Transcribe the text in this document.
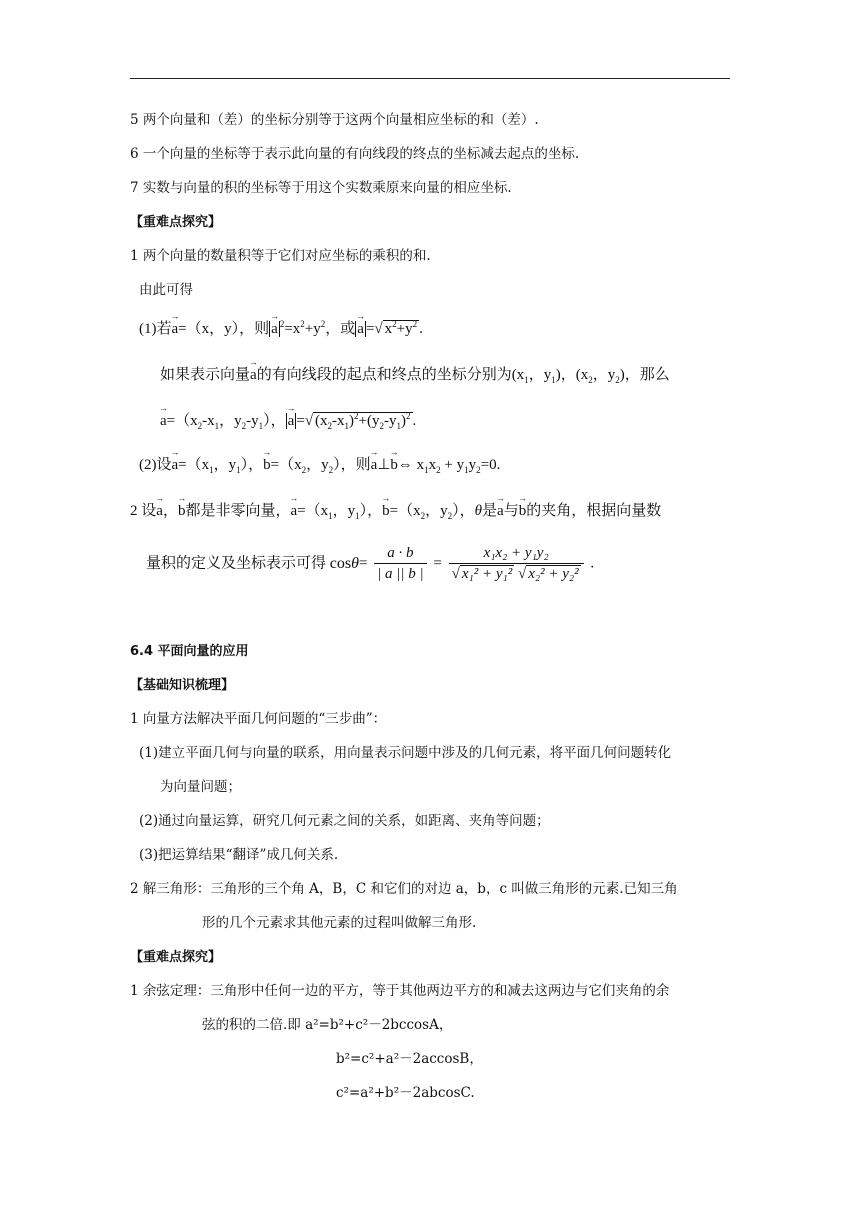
5 两个向量和（差）的坐标分别等于这两个向量相应坐标的和（差）.
6 一个向量的坐标等于表示此向量的有向线段的终点的坐标减去起点的坐标.
7 实数与向量的积的坐标等于用这个实数乘原来向量的相应坐标.
【重难点探究】
1 两个向量的数量积等于它们对应坐标的乘积的和.
由此可得
(1)若→ a=（x，y），则 → a $^2=x^2+y^2$，或 → a =√ $x^2+y^2$ .
如果表示向量→ a的有向线段的起点和终点的坐标分别为($x_1$，$y_1$)，($x_2$，$y_2$)，那么
→ $a=(x_2-x_1$，$y_2-y_1$）， → a =√ $(x_2-x_1)^2+(y_2-y_1)^2$ .
(2)设→ $a=(x_1$，$y_1$），→ $b=(x_2$，$y_2$），则→ a⊥→ b⇔ $x_1x_2 + y_1y_2=0$.
2 设→ a，→ b都是非零向量，→ $a=(x_1$，$y_1$），→ $b=(x_2$，$y_2$），θ是→ a与→ b的夹角，根据向量数
量积的定义及坐标表示可得 $\cos\theta= \frac{a \cdot b}{| a || b |} = \frac{\text{x₁x₂ + y₁y₂}}{\text{√ x₁² + y₁² √ x₂² + y₂²}}$ .
6.4 平面向量的应用
【基础知识梳理】
1 向量方法解决平面几何问题的“三步曲”：
(1)建立平面几何与向量的联系，用向量表示问题中涉及的几何元素，将平面几何问题转化
为向量问题；
(2)通过向量运算，研究几何元素之间的关系，如距离、夹角等问题；
(3)把运算结果“翻译”成几何关系.
2 解三角形：三角形的三个角 A，B，C 和它们的对边 a，b，c 叫做三角形的元素.已知三角
形的几个元素求其他元素的过程叫做解三角形.
【重难点探究】
1 余弦定理：三角形中任何一边的平方，等于其他两边平方的和减去这两边与它们夹角的余
弦的积的二倍.即 a²=b²+c²－2bccosA，
b²=c²+a²－2accosB，
c²=a²+b²－2abcosC.
